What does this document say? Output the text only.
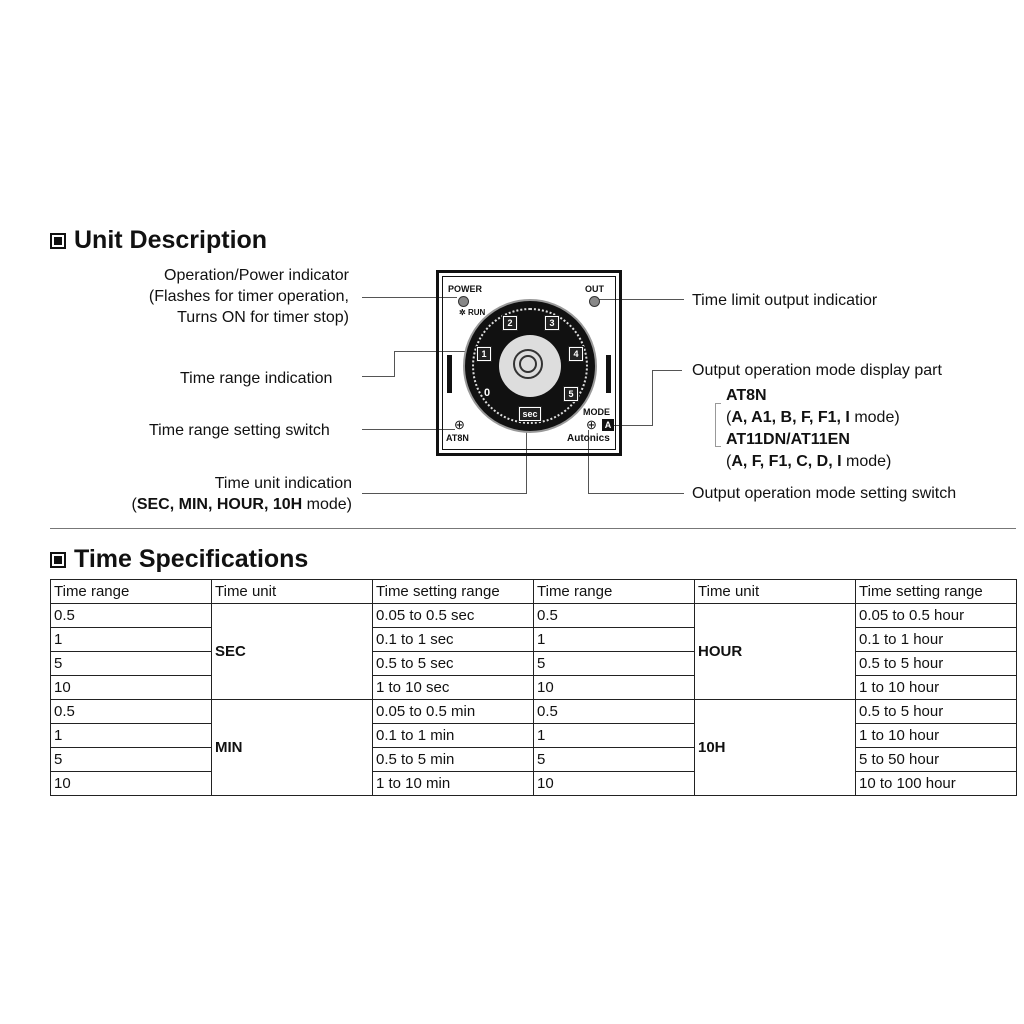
Unit Description
Operation/Power indicator
(Flashes for timer operation,
Turns ON for timer stop)
Time range indication
Time range setting switch
Time unit indication
(SEC, MIN, HOUR, 10H mode)
Time limit output indicatior
Output operation mode display part
AT8N
(A, A1, B, F, F1, I mode)
AT11DN/AT11EN
(A, F, F1, C, D, I mode)
Output operation mode setting switch
POWER
✲ RUN
OUT
1
2	3
4
5
0
sec	MODE
A
⊕
⊕
AT8N	Autonics
Time Specifications
Time range	Time unit	Time setting range	Time range	Time unit	Time setting range
0.5	SEC	0.05 to 0.5 sec	0.5	HOUR	0.05 to 0.5 hour
1		0.1 to 1 sec	1		0.1 to 1 hour
5		0.5 to 5 sec	5		0.5 to 5 hour
10		1 to 10 sec	10		1 to 10 hour
0.5	MIN	0.05 to 0.5 min	0.5	10H	0.5 to 5 hour
1		0.1 to 1 min	1		1 to 10 hour
5		0.5 to 5 min	5		5 to 50 hour
10		1 to 10 min	10		10 to 100 hour
